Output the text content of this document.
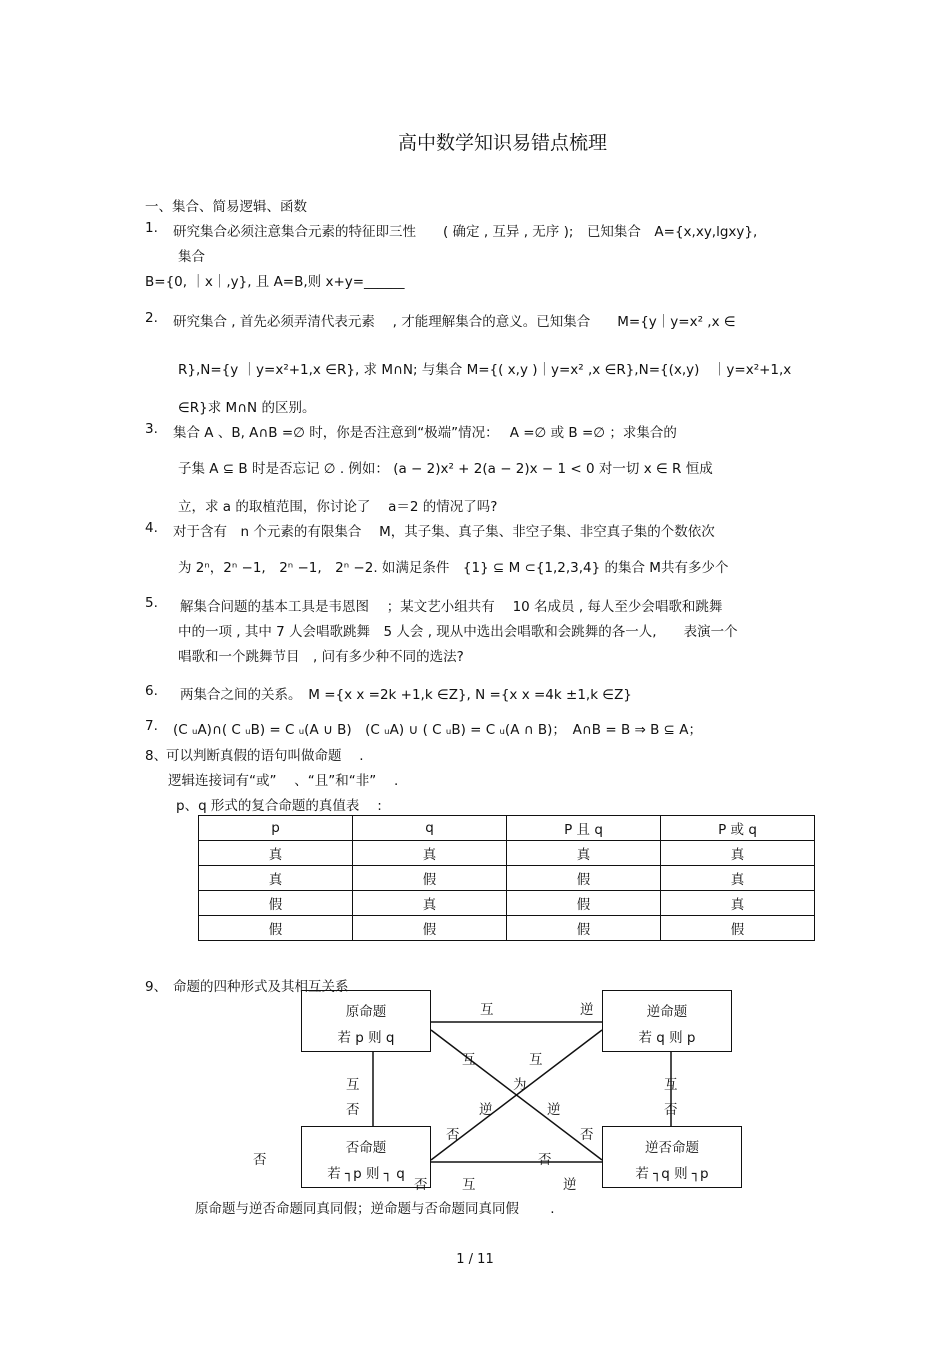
高中数学知识易错点梳理
一、集合、简易逻辑、函数
1. 研究集合必须注意集合元素的特征即三性　　( 确定 , 互异 , 无序 );　已知集合　A={x,xy,lgxy},
集合
B={0, ｜x｜,y}, 且 A=B,则 x+y=______
2. 研究集合 , 首先必须弄清代表元素　 , 才能理解集合的意义。已知集合　　M={y｜y=x² ,x ∈
R},N={y ｜y=x²+1,x ∈R}, 求 M∩N; 与集合 M={( x,y )｜y=x² ,x ∈R},N={(x,y)　｜y=x²+1,x
∈R}求 M∩N 的区别。
3. 集合 A 、B, A∩B =∅ 时，你是否注意到“极端”情况：　 A =∅ 或 B =∅ ；求集合的
子集 A ⊆ B 时是否忘记 ∅ . 例如： (a − 2)x² + 2(a − 2)x − 1 < 0 对一切 x ∈ R 恒成
立，求 a 的取植范围，你讨论了　 a＝2 的情况了吗?
4. 对于含有　n 个元素的有限集合　 M，其子集、真子集、非空子集、非空真子集的个数依次
为 2ⁿ，2ⁿ −1,　2ⁿ −1,　2ⁿ −2. 如满足条件　{1} ⊆ M ⊂{1,2,3,4} 的集合 M共有多少个
5. 解集合问题的基本工具是韦恩图　 ；某文艺小组共有　 10 名成员 , 每人至少会唱歌和跳舞
中的一项 , 其中 7 人会唱歌跳舞　5 人会 , 现从中选出会唱歌和会跳舞的各一人,　　表演一个
唱歌和一个跳舞节目　, 问有多少种不同的选法?
6. 两集合之间的关系。　M ={x x =2k +1,k ∈Z}, N ={x x =4k ±1,k ∈Z}
7. (C ᵤA)∩( C ᵤB) = C ᵤ(A ∪ B)　(C ᵤA) ∪ ( C ᵤB) = C ᵤ(A ∩ B)；　A∩B = B ⇒ B ⊆ A；
8、
可以判断真假的语句叫做命题　 .
逻辑连接词有“或”　 、“且”和“非”　 .
p、q 形式的复合命题的真值表　 :
p	q	P 且 q	P 或 q
真	真	真	真
真	假	假	真
假	真	假	真
假	假	假	假
9、 命题的四种形式及其相互关系
原命题
若 p 则 q
逆命题
若 q 则 p
否命题
若 ┐p 则 ┐ q
逆否命题
若 ┐q 则 ┐p
互	逆
互	互
为
逆	逆
否	否
互
否
互
否
否	否
否	互	逆
原命题与逆否命题同真同假；逆命题与否命题同真同假　　 .
1 / 11
